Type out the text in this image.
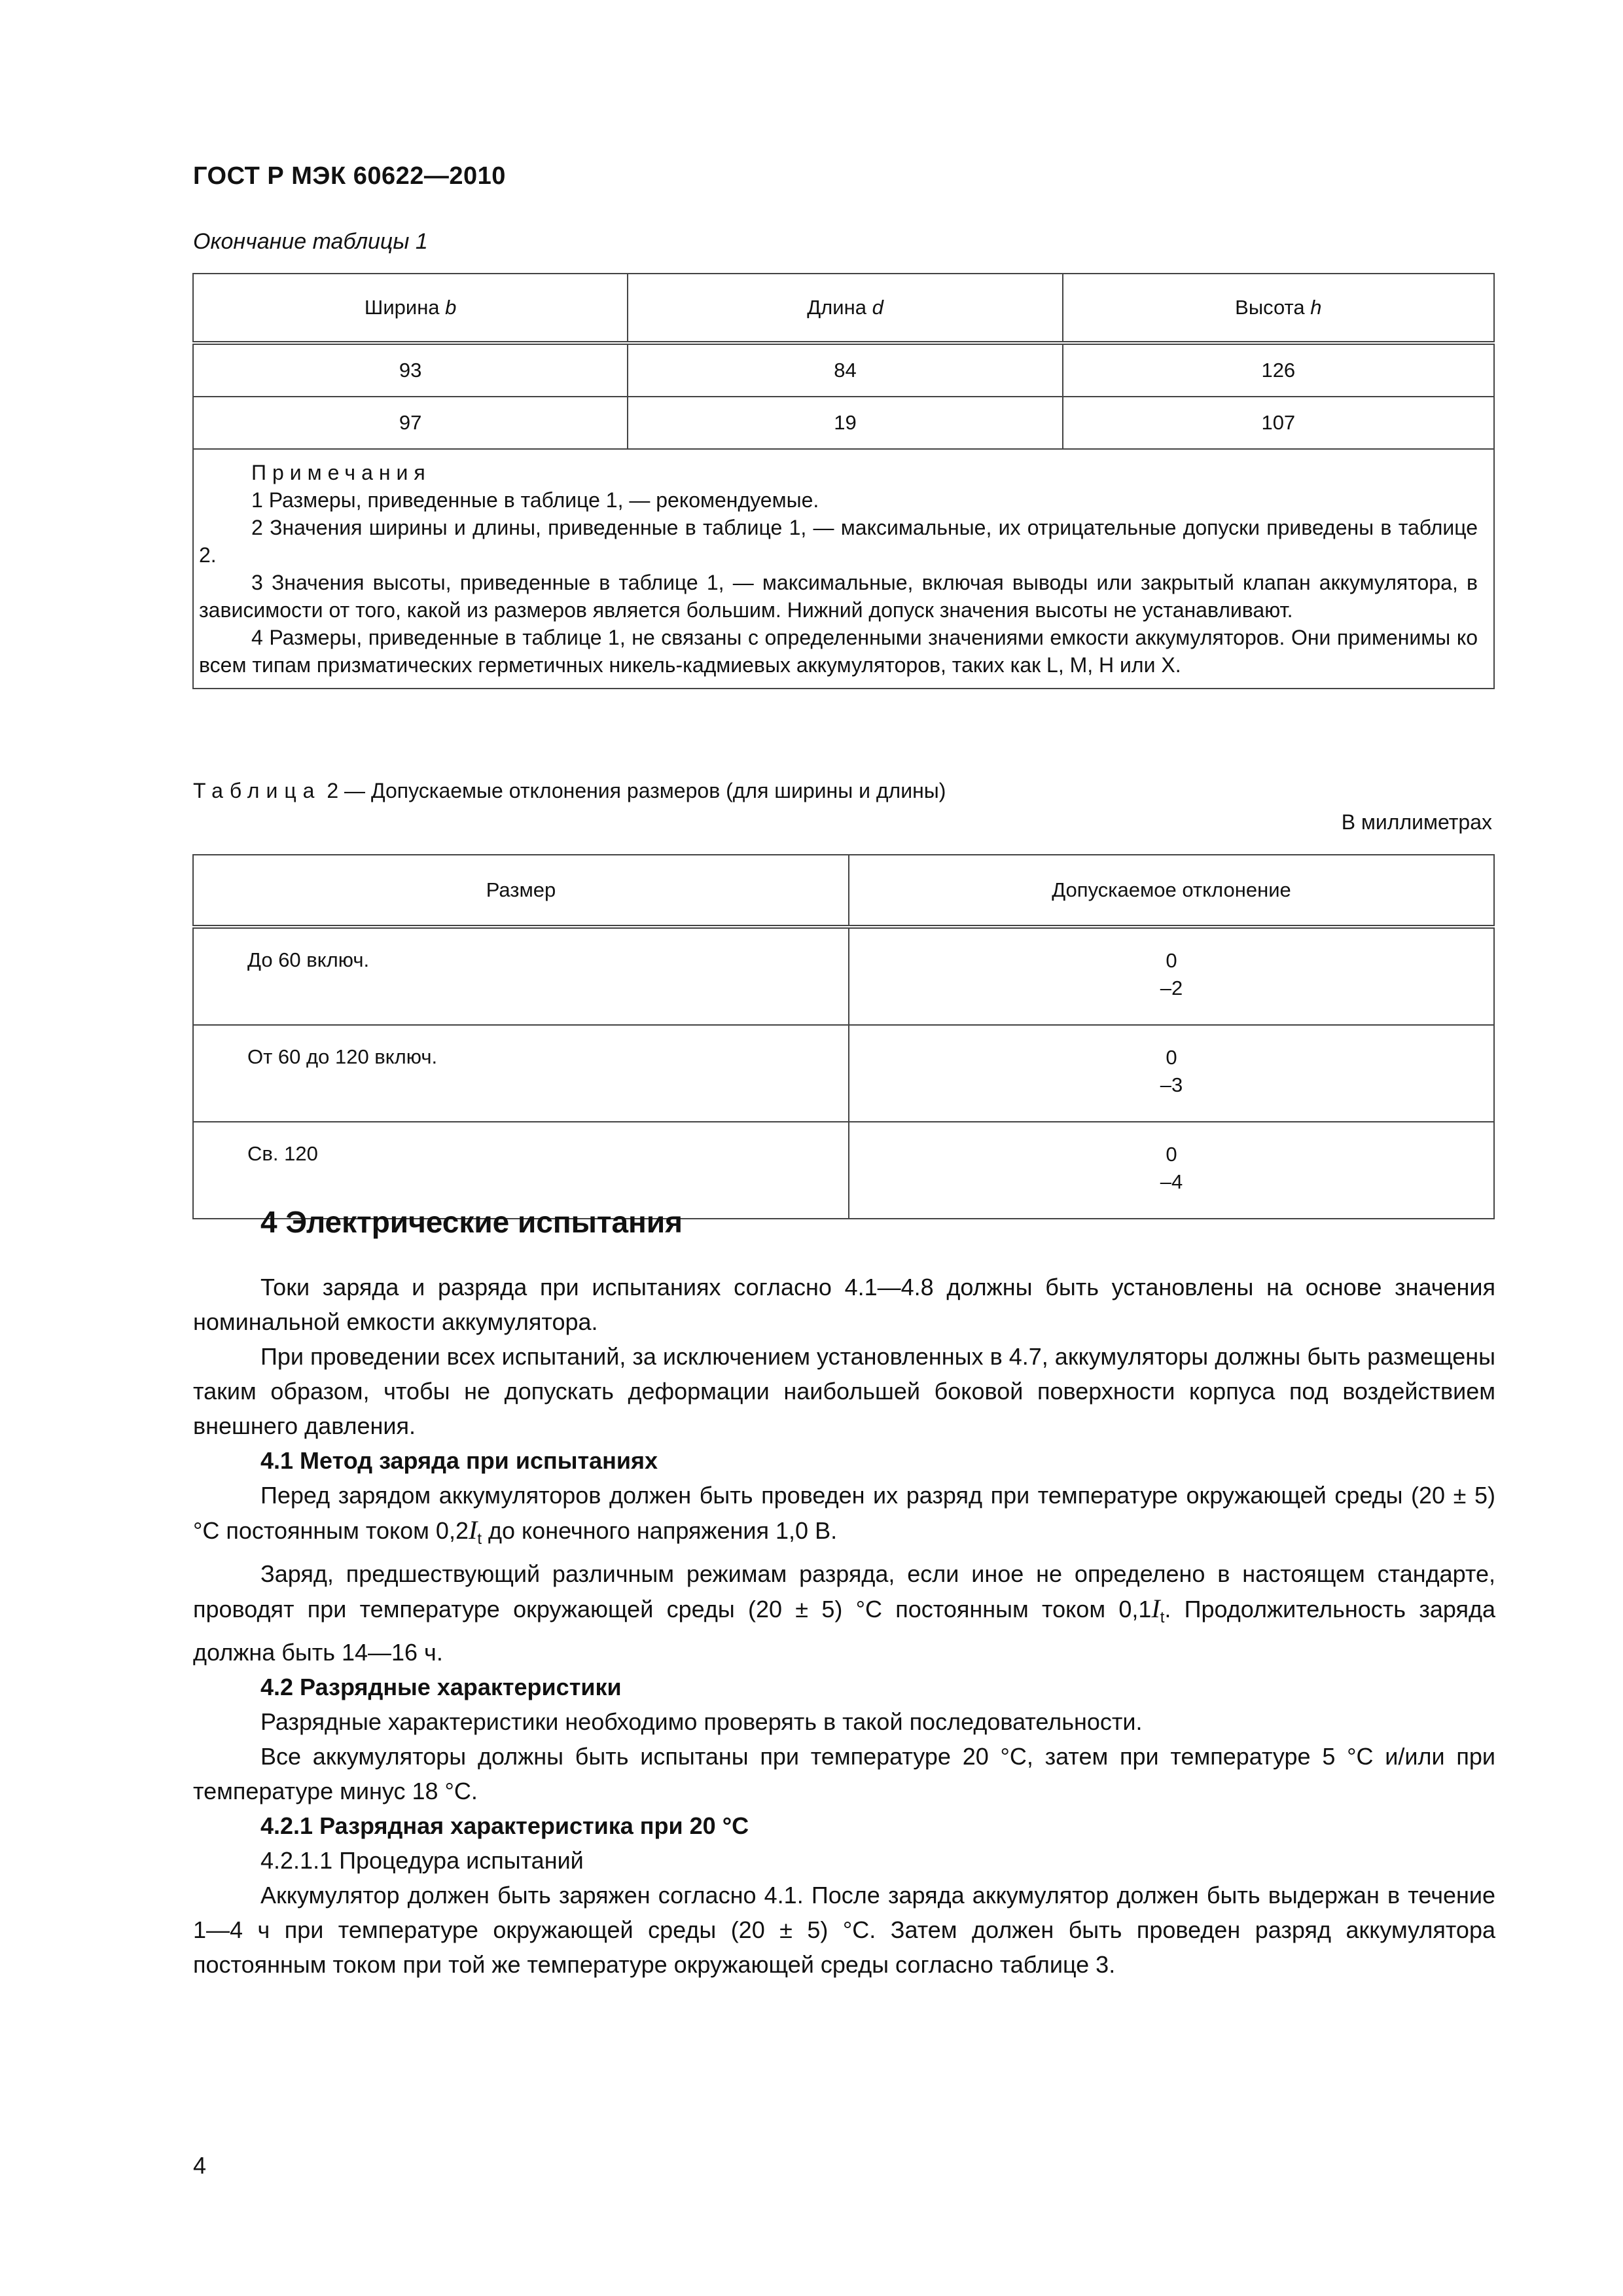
ГОСТ Р МЭК 60622—2010
Окончание таблицы 1
Ширина b	Длина d	Высота h
93	84	126
97	19	107

Примечания
1 Размеры, приведенные в таблице 1, — рекомендуемые.
2 Значения ширины и длины, приведенные в таблице 1, — максимальные, их отрицательные допуски приведены в таблице 2.
3 Значения высоты, приведенные в таблице 1, — максимальные, включая выводы или закрытый клапан аккумулятора, в зависимости от того, какой из размеров является большим. Нижний допуск значения высоты не устанавливают.
4 Размеры, приведенные в таблице 1, не связаны с определенными значениями емкости аккумуляторов. Они применимы ко всем типам призматических герметичных никель-кадмиевых аккумуляторов, таких как L, M, H или X.		
Таблица 2 — Допускаемые отклонения размеров (для ширины и длины)
В миллиметрах
Размер	Допускаемое отклонение
До 60 включ.	0
–2

От 60 до 120 включ.	0
–3

Св. 120	0
–4
4 Электрические испытания

Токи заряда и разряда при испытаниях согласно 4.1—4.8 должны быть установлены на основе значения номинальной емкости аккумулятора.

При проведении всех испытаний, за исключением установленных в 4.7, аккумуляторы должны быть размещены таким образом, чтобы не допускать деформации наибольшей боковой поверхности корпуса под воздействием внешнего давления.

4.1 Метод заряда при испытаниях

Перед зарядом аккумуляторов должен быть проведен их разряд при температуре окружающей среды (20 ± 5) °С постоянным током $0,2I_t$ до конечного напряжения 1,0 В.

Заряд, предшествующий различным режимам разряда, если иное не определено в настоящем стандарте, проводят при температуре окружающей среды (20 ± 5) °С постоянным током $0,1I_t$. Продолжительность заряда должна быть 14—16 ч.

4.2 Разрядные характеристики

Разрядные характеристики необходимо проверять в такой последовательности.

Все аккумуляторы должны быть испытаны при температуре 20 °С, затем при температуре 5 °С и/или при температуре минус 18 °С.

4.2.1 Разрядная характеристика при 20 °С

4.2.1.1 Процедура испытаний

Аккумулятор должен быть заряжен согласно 4.1. После заряда аккумулятор должен быть выдержан в течение 1—4 ч при температуре окружающей среды (20 ± 5) °С. Затем должен быть проведен разряд аккумулятора постоянным током при той же температуре окружающей среды согласно таблице 3.

4
